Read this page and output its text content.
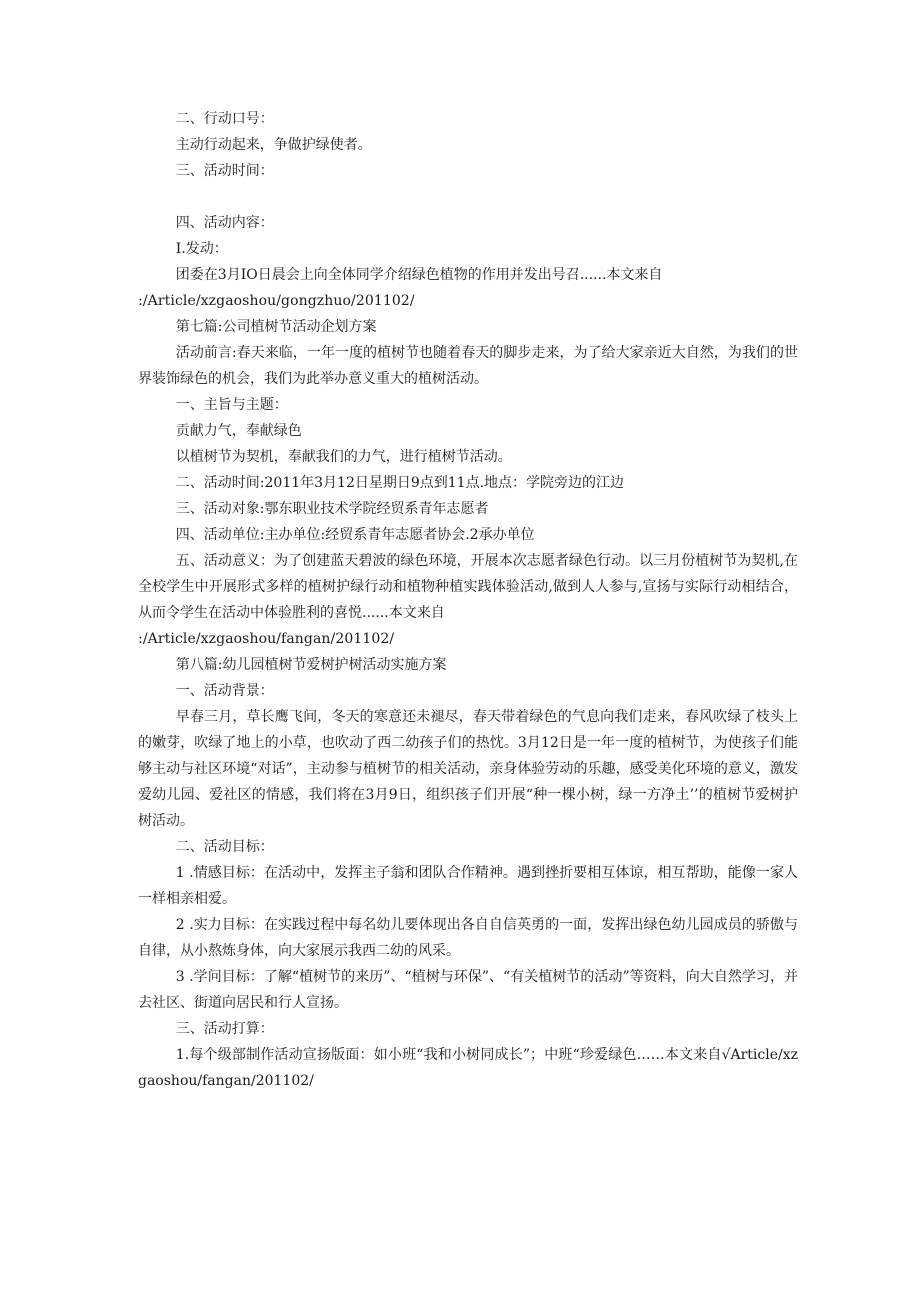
二、行动口号：

主动行动起来，争做护绿使者。

三、活动时间：

四、活动内容：

I.发动：

团委在3月IO日晨会上向全体同学介绍绿色植物的作用并发出号召......本文来自

:/Article/xzgaoshou/gongzhuo/201102/

第七篇:公司植树节活动企划方案

活动前言:春天来临，一年一度的植树节也随着春天的脚步走来，为了给大家亲近大自然，为我们的世界装饰绿色的机会，我们为此举办意义重大的植树活动。

一、主旨与主题：

贡献力气，奉献绿色

以植树节为契机，奉献我们的力气，进行植树节活动。

二、活动时间:2011年3月12日星期日9点到11点.地点：学院旁边的江边

三、活动对象:鄂东职业技术学院经贸系青年志愿者

四、活动单位:主办单位:经贸系青年志愿者协会.2承办单位

五、活动意义：为了创建蓝天碧波的绿色环境，开展本次志愿者绿色行动。以三月份植树节为契机,在全校学生中开展形式多样的植树护绿行动和植物种植实践体验活动,做到人人参与,宣扬与实际行动相结合，从而令学生在活动中体验胜利的喜悦......本文来自

:/Article/xzgaoshou/fangan/201102/

第八篇:幼儿园植树节爱树护树活动实施方案

一、活动背景：

早春三月，草长鹰飞间，冬天的寒意还未褪尽，春天带着绿色的气息向我们走来，春风吹绿了枝头上的嫩芽，吹绿了地上的小草，也吹动了西二幼孩子们的热忱。3月12日是一年一度的植树节，为使孩子们能够主动与社区环境“对话”，主动参与植树节的相关活动，亲身体验劳动的乐趣，感受美化环境的意义，激发爱幼儿园、爱社区的情感，我们将在3月9日，组织孩子们开展“种一棵小树，绿一方净土’’的植树节爱树护树活动。

二、活动目标：

1 .情感目标：在活动中，发挥主子翁和团队合作精神。遇到挫折要相互体谅，相互帮助，能像一家人一样相亲相爱。

2 .实力目标：在实践过程中每名幼儿要体现出各自自信英勇的一面，发挥出绿色幼儿园成员的骄傲与自律，从小熬炼身体，向大家展示我西二幼的风采。

3 .学问目标：了解“植树节的来历”、“植树与环保”、“有关植树节的活动”等资料，向大自然学习，并去社区、街道向居民和行人宣扬。

三、活动打算：

1.每个级部制作活动宣扬版面：如小班“我和小树同成长”；中班“珍爱绿色……本文来自√Article∕xzgaoshou∕fangan∕201102/
